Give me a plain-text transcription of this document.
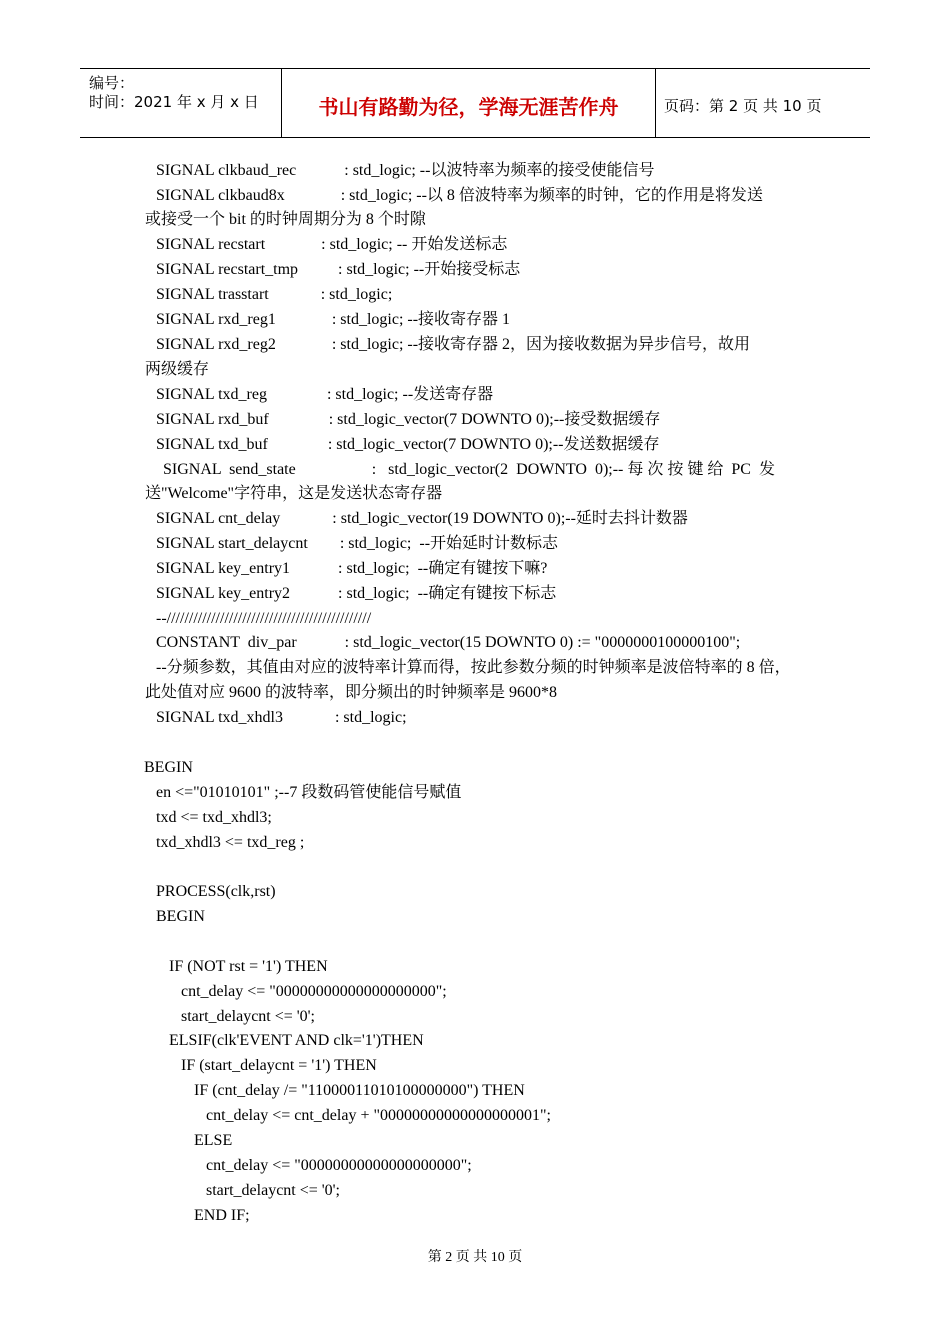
编号：
时间：2021 年 x 月 x 日	书山有路勤为径，学海无涯苦作舟	页码：第 2 页 共 10 页
SIGNAL clkbaud_rec            : std_logic; --以波特率为频率的接受使能信号
SIGNAL clkbaud8x              : std_logic; --以 8 倍波特率为频率的时钟，它的作用是将发送
或接受一个 bit 的时钟周期分为 8 个时隙
SIGNAL recstart              : std_logic; -- 开始发送标志
SIGNAL recstart_tmp          : std_logic; --开始接受标志
SIGNAL trasstart             : std_logic;
SIGNAL rxd_reg1              : std_logic; --接收寄存器 1
SIGNAL rxd_reg2              : std_logic; --接收寄存器 2，因为接收数据为异步信号，故用
两级缓存
SIGNAL txd_reg               : std_logic; --发送寄存器
SIGNAL rxd_buf               : std_logic_vector(7 DOWNTO 0);--接受数据缓存
SIGNAL txd_buf               : std_logic_vector(7 DOWNTO 0);--发送数据缓存
SIGNAL  send_state                   :   std_logic_vector(2  DOWNTO  0);-- 每 次 按 键 给  PC  发
送"Welcome"字符串，这是发送状态寄存器
SIGNAL cnt_delay             : std_logic_vector(19 DOWNTO 0);--延时去抖计数器
SIGNAL start_delaycnt        : std_logic;  --开始延时计数标志
SIGNAL key_entry1            : std_logic;  --确定有键按下嘛?
SIGNAL key_entry2            : std_logic;  --确定有键按下标志
--//////////////////////////////////////////////
CONSTANT  div_par            : std_logic_vector(15 DOWNTO 0) := "0000000100000100";
--分频参数，其值由对应的波特率计算而得，按此参数分频的时钟频率是波倍特率的 8 倍，
此处值对应 9600 的波特率，即分频出的时钟频率是 9600*8
SIGNAL txd_xhdl3             : std_logic;
BEGIN
en <="01010101" ;--7 段数码管使能信号赋值
txd <= txd_xhdl3;
txd_xhdl3 <= txd_reg ;
PROCESS(clk,rst)
BEGIN
IF (NOT rst = '1') THEN
cnt_delay <= "00000000000000000000";
start_delaycnt <= '0';
ELSIF(clk'EVENT AND clk='1')THEN
IF (start_delaycnt = '1') THEN
IF (cnt_delay /= "11000011010100000000") THEN
cnt_delay <= cnt_delay + "00000000000000000001";
ELSE
cnt_delay <= "00000000000000000000";
start_delaycnt <= '0';
END IF;
第 2 页 共 10 页
